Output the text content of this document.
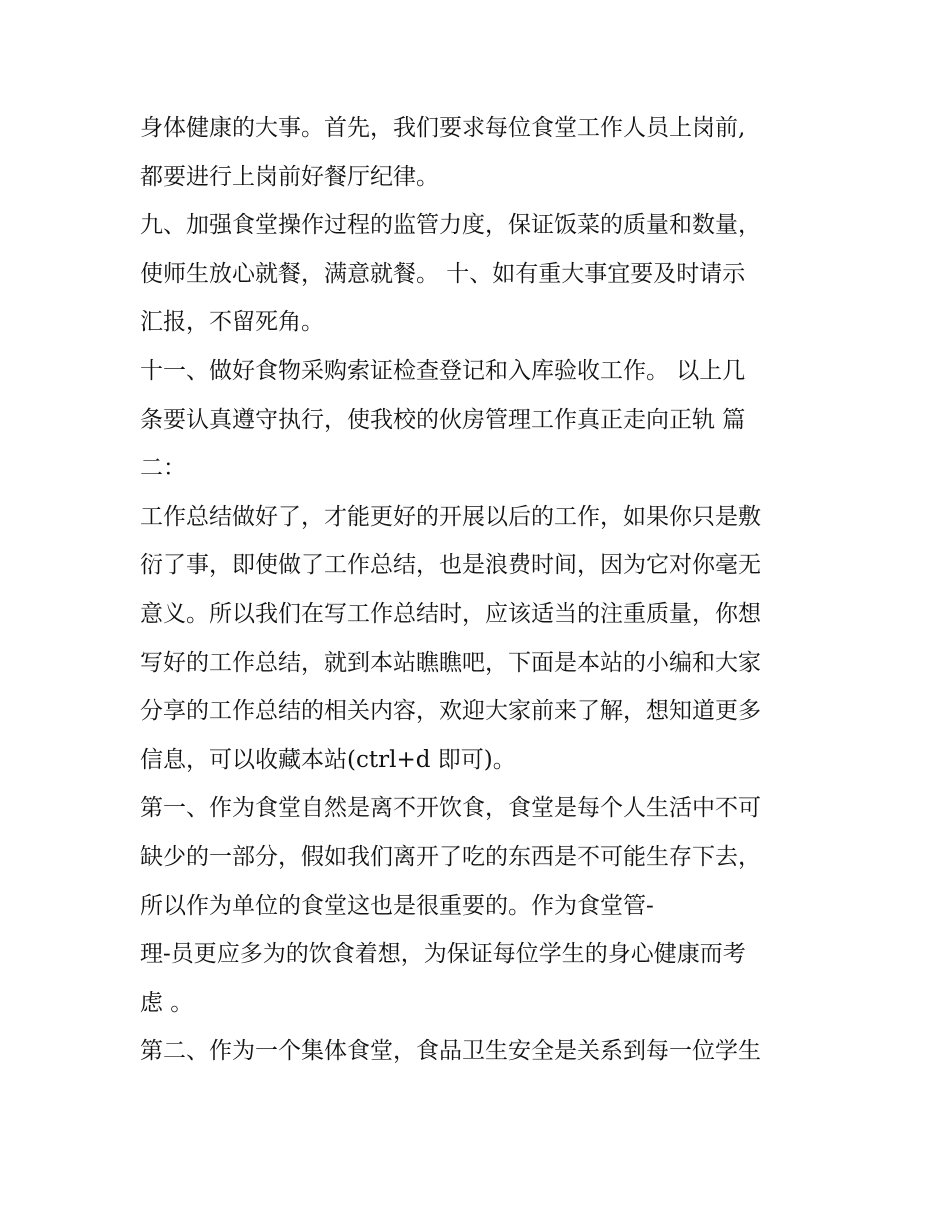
身体健康的大事。首先，我们要求每位食堂工作人员上岗前,
都要进行上岗前好餐厅纪律。
九、加强食堂操作过程的监管力度，保证饭菜的质量和数量，
使师生放心就餐，满意就餐。 十、如有重大事宜要及时请示
汇报，不留死角。
十一、做好食物采购索证检查登记和入库验收工作。 以上几
条要认真遵守执行，使我校的伙房管理工作真正走向正轨 篇
二：
工作总结做好了，才能更好的开展以后的工作，如果你只是敷
衍了事，即使做了工作总结，也是浪费时间，因为它对你毫无
意义。所以我们在写工作总结时，应该适当的注重质量，你想
写好的工作总结，就到本站瞧瞧吧，下面是本站的小编和大家
分享的工作总结的相关内容，欢迎大家前来了解，想知道更多
信息，可以收藏本站(ctrl+d 即可)。
第一、作为食堂自然是离不开饮食，食堂是每个人生活中不可
缺少的一部分，假如我们离开了吃的东西是不可能生存下去，
所以作为单位的食堂这也是很重要的。作为食堂管-
理-员更应多为的饮食着想，为保证每位学生的身心健康而考
虑 。
第二、作为一个集体食堂，食品卫生安全是关系到每一位学生
